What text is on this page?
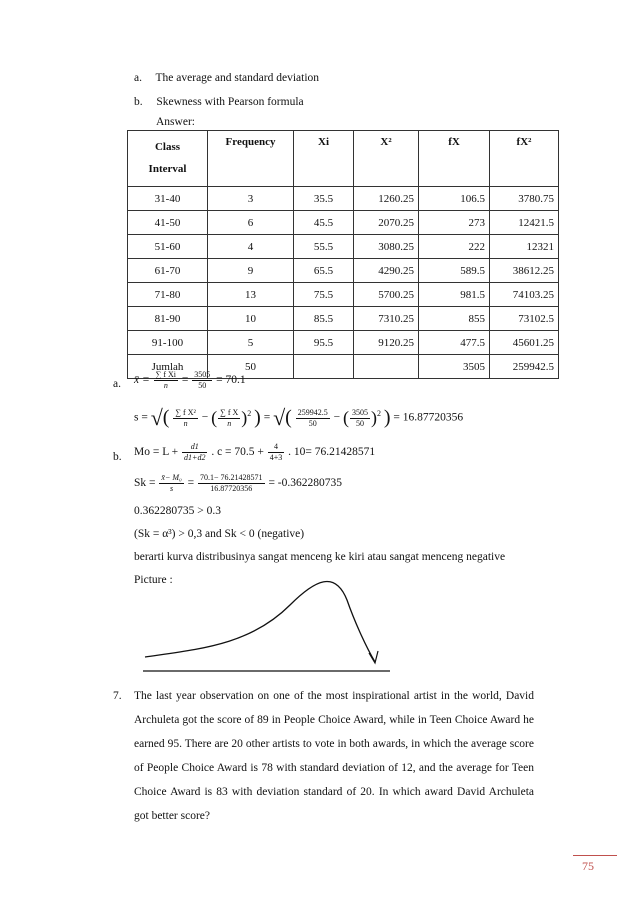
a. The average and standard deviation
b. Skewness with Pearson formula
Answer:
Class Interval	Frequency	Xi	X²	fX	fX²
31-40	3	35.5	1260.25	106.5	3780.75
41-50	6	45.5	2070.25	273	12421.5
51-60	4	55.5	3080.25	222	12321
61-70	9	65.5	4290.25	589.5	38612.25
71-80	13	75.5	5700.25	981.5	74103.25
81-90	10	85.5	7310.25	855	73102.5
91-100	5	95.5	9120.25	477.5	45601.25
Jumlah	50			3505	259942.5
a. x̄ = $\frac{\text{∑ f Xi}}{n} = \frac{3505}{50} = 70.1$
s = √( $\frac{\text{∑ f X²}}{n}$ − ( $\frac{\text{∑ f X}}{n} )^2$ ) = √( $\frac{259942.5}{50}$ − ( $\frac{3505}{50} )^2$ ) = 16.87720356
b. $Mo = L + \frac{d1}{d1+d2}$ . $c = 70.5 + \frac{4}{4+3}$ . 10= 76.21428571
$Sk = \frac{\text{x̄− M₀}}{s} = \frac{70.1- 76.21428571}{16.87720356} = -0.362280735$
0.362280735 > 0.3
(Sk = α³) > 0,3 and Sk < 0 (negative)
berarti kurva distribusinya sangat menceng ke kiri atau sangat menceng negative
Picture :
7. The last year observation on one of the most inspirational artist in the world, David Archuleta got the score of 89 in People Choice Award, while in Teen Choice Award he earned 95. There are 20 other artists to vote in both awards, in which the average score of People Choice Award is 78 with standard deviation of 12, and the average for Teen Choice Award is 83 with deviation standard of 20. In which award David Archuleta got better score?
75
